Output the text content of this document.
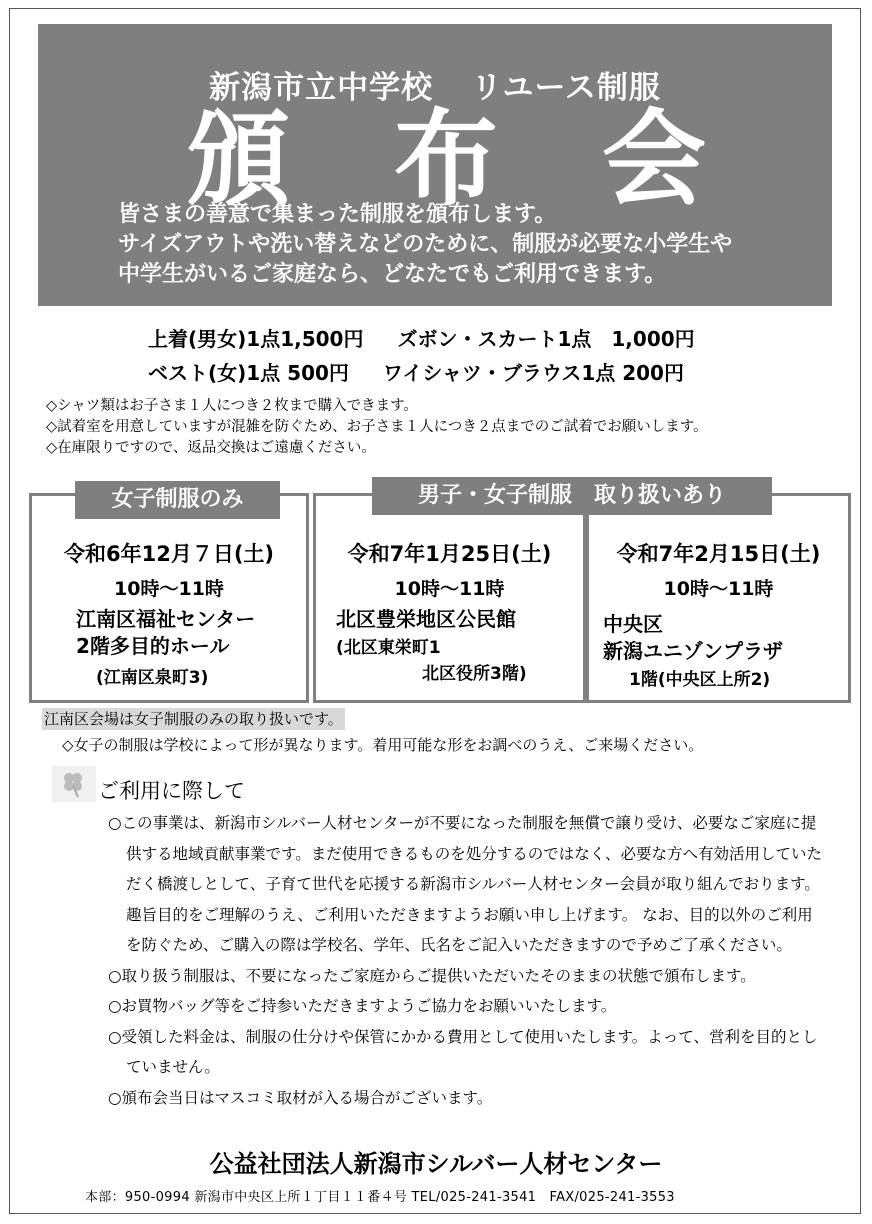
新潟市立中学校 リユース制服
頒 布 会
皆さまの善意で集まった制服を頒布します。
サイズアウトや洗い替えなどのために、制服が必要な小学生や
中学生がいるご家庭なら、どなたでもご利用できます。
上着(男女)1点1,500円 ズボン・スカート1点　1,000円
ベスト(女)1点 500円 ワイシャツ・ブラウス1点 200円
◇シャツ類はお子さま１人につき２枚まで購入できます。
◇試着室を用意していますが混雑を防ぐため、お子さま１人につき２点までのご試着でお願いします。
◇在庫限りですので、返品交換はご遠慮ください。
令和6年12月７日(土)
10時～11時
江南区福祉センター
2階多目的ホール
(江南区泉町3)
令和7年1月25日(土)
10時～11時
北区豊栄地区公民館
(北区東栄町1
北区役所3階)
令和7年2月15日(土)
10時～11時
中央区
新潟ユニゾンプラザ
1階(中央区上所2)
女子制服のみ	男子・女子制服　取り扱いあり
江南区会場は女子制服のみの取り扱いです。
◇女子の制服は学校によって形が異なります。着用可能な形をお調べのうえ、ご来場ください。
ご利用に際して

○この事業は、新潟市シルバー人材センターが不要になった制服を無償で譲り受け、必要なご家庭に提供する地域貢献事業です。まだ使用できるものを処分するのではなく、必要な方へ有効活用していただく橋渡しとして、子育て世代を応援する新潟市シルバー人材センター会員が取り組んでおります。趣旨目的をご理解のうえ、ご利用いただきますようお願い申し上げます。 なお、目的以外のご利用を防ぐため、ご購入の際は学校名、学年、氏名をご記入いただきますので予めご了承ください。

○取り扱う制服は、不要になったご家庭からご提供いただいたそのままの状態で頒布します。

○お買物バッグ等をご持参いただきますようご協力をお願いいたします。

○受領した料金は、制服の仕分けや保管にかかる費用として使用いたします。よって、営利を目的としていません。

○頒布会当日はマスコミ取材が入る場合がございます。

公益社団法人新潟市シルバー人材センター
本部：950-0994 新潟市中央区上所１丁目１１番４号 TEL/025-241-3541　FAX/025-241-3553
